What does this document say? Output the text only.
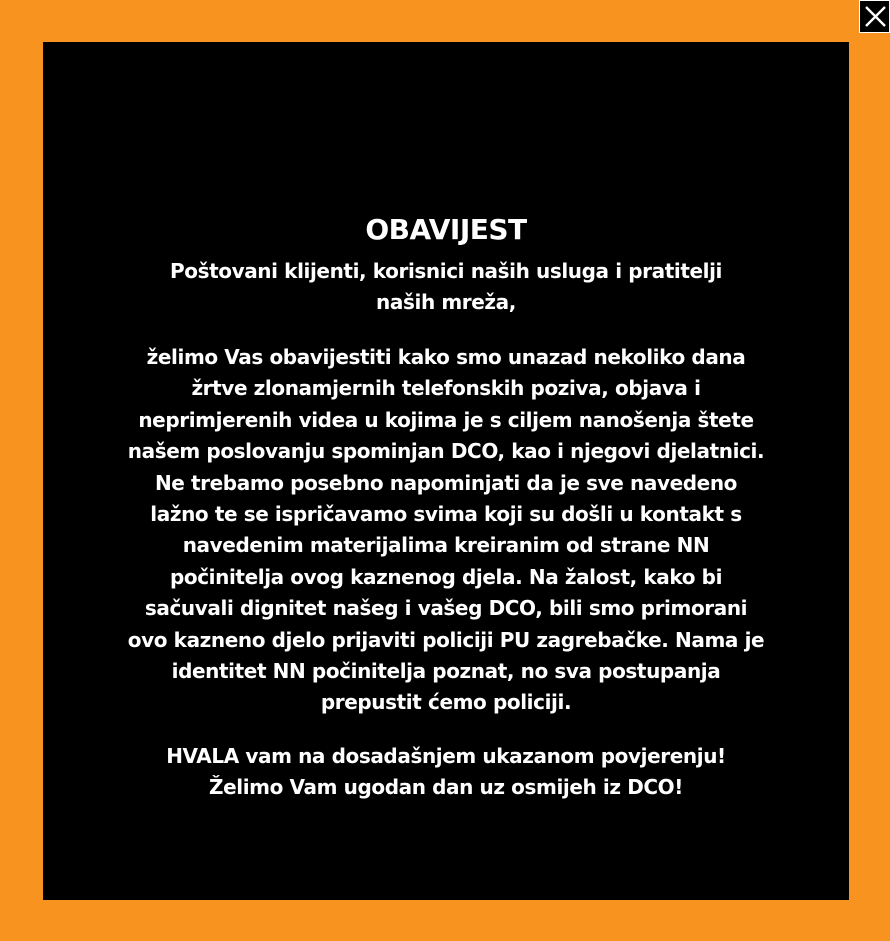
OBAVIJEST
Poštovani klijenti, korisnici naših usluga i pratitelji naših mreža,
želimo Vas obavijestiti kako smo unazad nekoliko dana žrtve zlonamjernih telefonskih poziva, objava i neprimjerenih videa u kojima je s ciljem nanošenja štete našem poslovanju spominjan DCO, kao i njegovi djelatnici. Ne trebamo posebno napominjati da je sve navedeno lažno te se ispričavamo svima koji su došli u kontakt s navedenim materijalima kreiranim od strane NN počinitelja ovog kaznenog djela. Na žalost, kako bi sačuvali dignitet našeg i vašeg DCO, bili smo primorani ovo kazneno djelo prijaviti policiji PU zagrebačke. Nama je identitet NN počinitelja poznat, no sva postupanja prepustit ćemo policiji.
HVALA vam na dosadašnjem ukazanom povjerenju!
Želimo Vam ugodan dan uz osmijeh iz DCO!
